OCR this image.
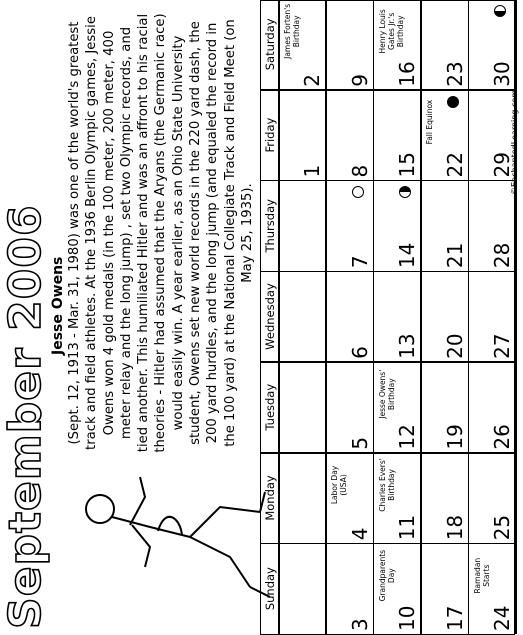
September 2006 Jesse Owens (Sept. 12, 1913 - Mar. 31, 1980) was one of the world's greatest track and field athletes. At the 1936 Berlin Olympic games, Jessie Owens won 4 gold medals (in the 100 meter, 200 meter, 400 meter relay and the long jump) , set two Olympic records, and tied another. This humiliated Hitler and was an affront to his racial theories - Hitler had assumed that the Aryans (the Germanic race) would easily win. A year earlier, as an Ohio State University student, Owens set new world records in the 220 yard dash, the 200 yard hurdles, and the long jump (and equaled the record in the 100 yard) at the National Collegiate Track and Field Meet (on May 25, 1935).
Sunday
Monday
Tuesday
Wednesday
Thursday
Friday
Saturday
1
2
James Forten's Birthday
3
4
Labor Day (USA)
5
6
7
8
9
10
Grandparents Day
11
Charles Evers' Birthday
12
Jesse Owens' Birthday
13
14
15
16
Henry Louis Gates Jr.'s Birthday
17
18
19
20
21
22
Fall Equinox
23
24
Ramadan Starts
25
26
27
28
29
30
©EnchantedLearning.com
